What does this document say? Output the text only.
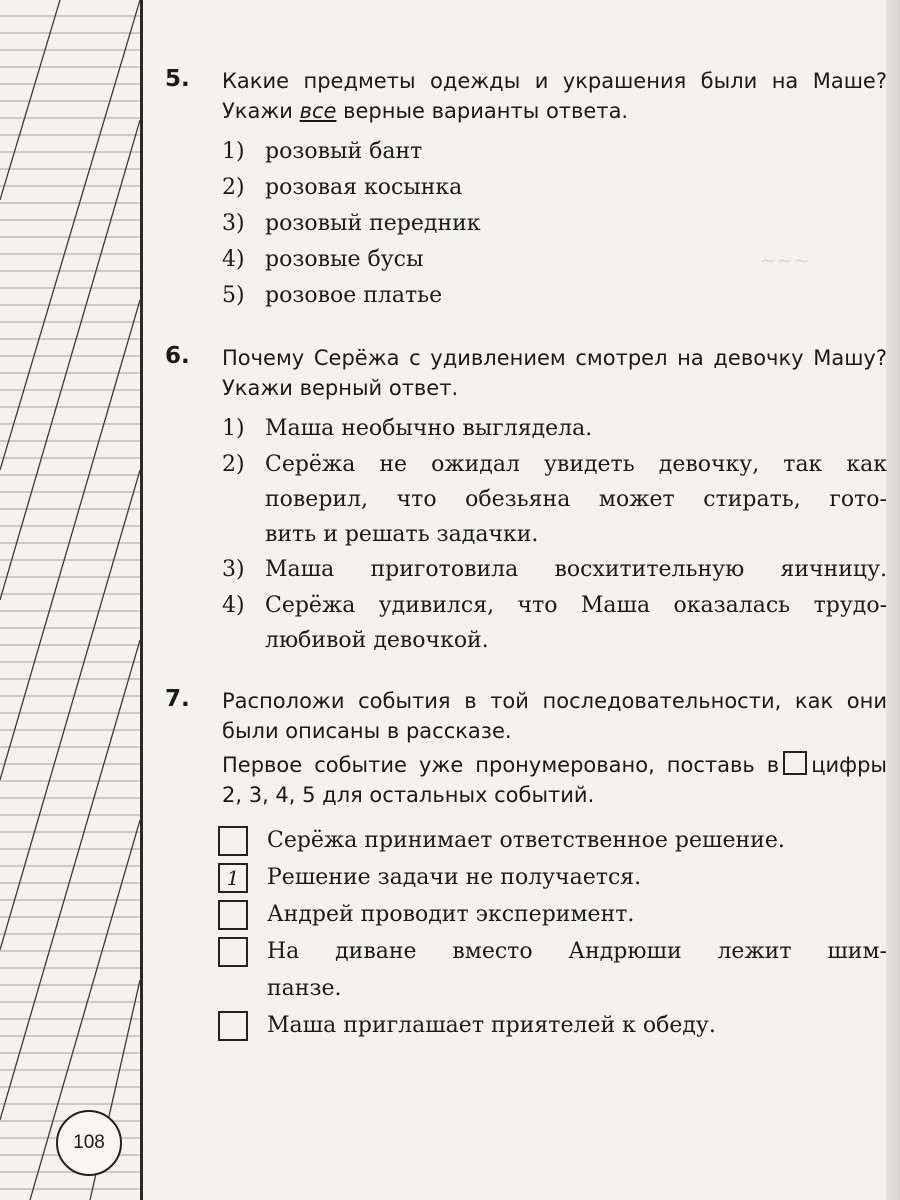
~~~
5. Какие предметы одежды и украшения были на Маше?

Укажи все верные варианты ответа.

1) розовый бант
2) розовая косынка
3) розовый передник
4) розовые бусы
5) розовое платье
6. Почему Серёжа с удивлением смотрел на девочку Машу?

Укажи верный ответ.

1) Маша необычно выглядела.
2) Серёжа не ожидал увидеть девочку, так как
поверил, что обезьяна может стирать, гото-
вить и решать задачки.
3) Маша приготовила восхитительную яичницу.
4) Серёжа удивился, что Маша оказалась трудо-
любивой девочкой.
7. Расположи события в той последовательности, как они

были описаны в рассказе.

Первое событие уже пронумеровано, поставь в цифры

2, 3, 4, 5 для остальных событий.

Серёжа принимает ответственное решение.
1	Решение задачи не получается.
Андрей проводит эксперимент.
На диване вместо Андрюши лежит шим-
панзе.
Маша приглашает приятелей к обеду.
108
